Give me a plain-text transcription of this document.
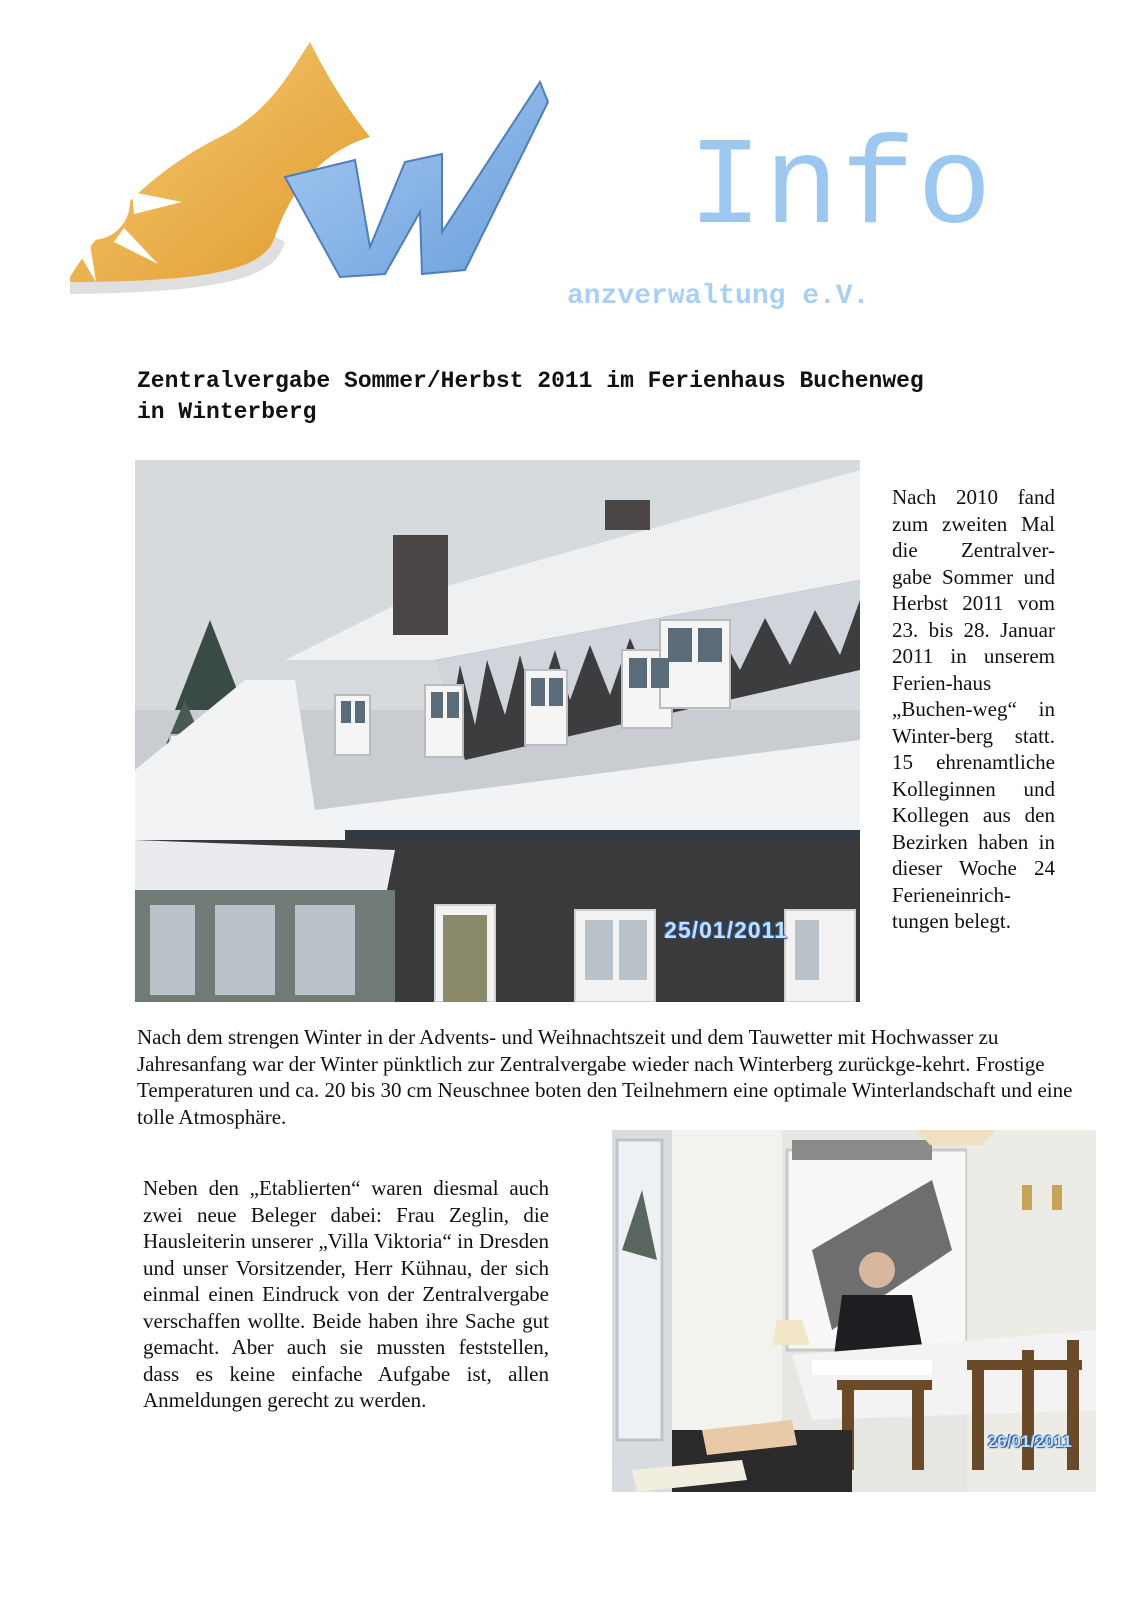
Info
anzverwaltung e.V.
Zentralvergabe Sommer/Herbst 2011 im Ferienhaus Buchenweg
in Winterberg
25/01/2011
Nach 2010 fand zum zweiten Mal die Zentralver-gabe Sommer und Herbst 2011 vom 23. bis 28. Januar 2011 in unserem Ferien-haus „Buchen-weg“ in Winter-berg statt. 15 ehrenamtliche Kolleginnen und Kollegen aus den Bezirken haben in dieser Woche 24 Ferieneinrich-tungen belegt.
Nach dem strengen Winter in der Advents- und Weihnachtszeit und dem Tauwetter mit Hochwasser zu Jahresanfang war der Winter pünktlich zur Zentralvergabe wieder nach Winterberg zurückge-kehrt. Frostige Temperaturen und ca. 20 bis 30 cm Neuschnee boten den Teilnehmern eine optimale Winterlandschaft und eine tolle Atmosphäre.
Neben den „Etablierten“ waren diesmal auch zwei neue Beleger dabei: Frau Zeglin, die Hausleiterin unserer „Villa Viktoria“ in Dresden und unser Vorsitzender, Herr Kühnau, der sich einmal einen Eindruck von der Zentralvergabe verschaffen wollte. Beide haben ihre Sache gut gemacht. Aber auch sie mussten feststellen, dass es keine einfache Aufgabe ist, allen Anmeldungen gerecht zu werden.
26/01/2011
